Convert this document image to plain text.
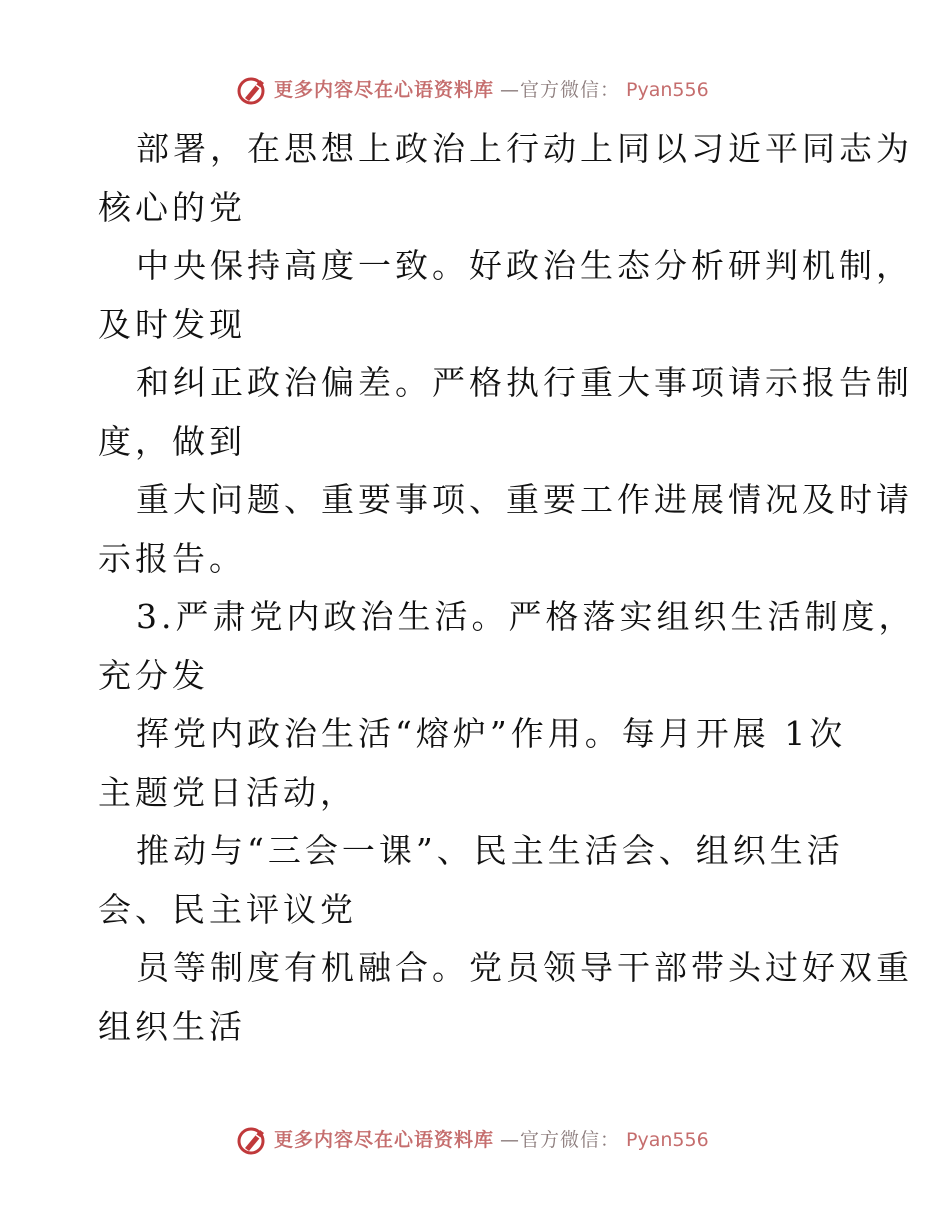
更多内容尽在心语资料库 —官方微信： Pyan556
部署，在思想上政治上行动上同以习近平同志为
核心的党
中央保持高度一致。好政治生态分析研判机制，
及时发现
和纠正政治偏差。严格执行重大事项请示报告制
度，做到
重大问题、重要事项、重要工作进展情况及时请
示报告。
3.严肃党内政治生活。严格落实组织生活制度，
充分发
挥党内政治生活“熔炉”作用。每月开展 1次
主题党日活动，
推动与“三会一课”、民主生活会、组织生活
会、民主评议党
员等制度有机融合。党员领导干部带头过好双重
组织生活
更多内容尽在心语资料库 —官方微信： Pyan556
